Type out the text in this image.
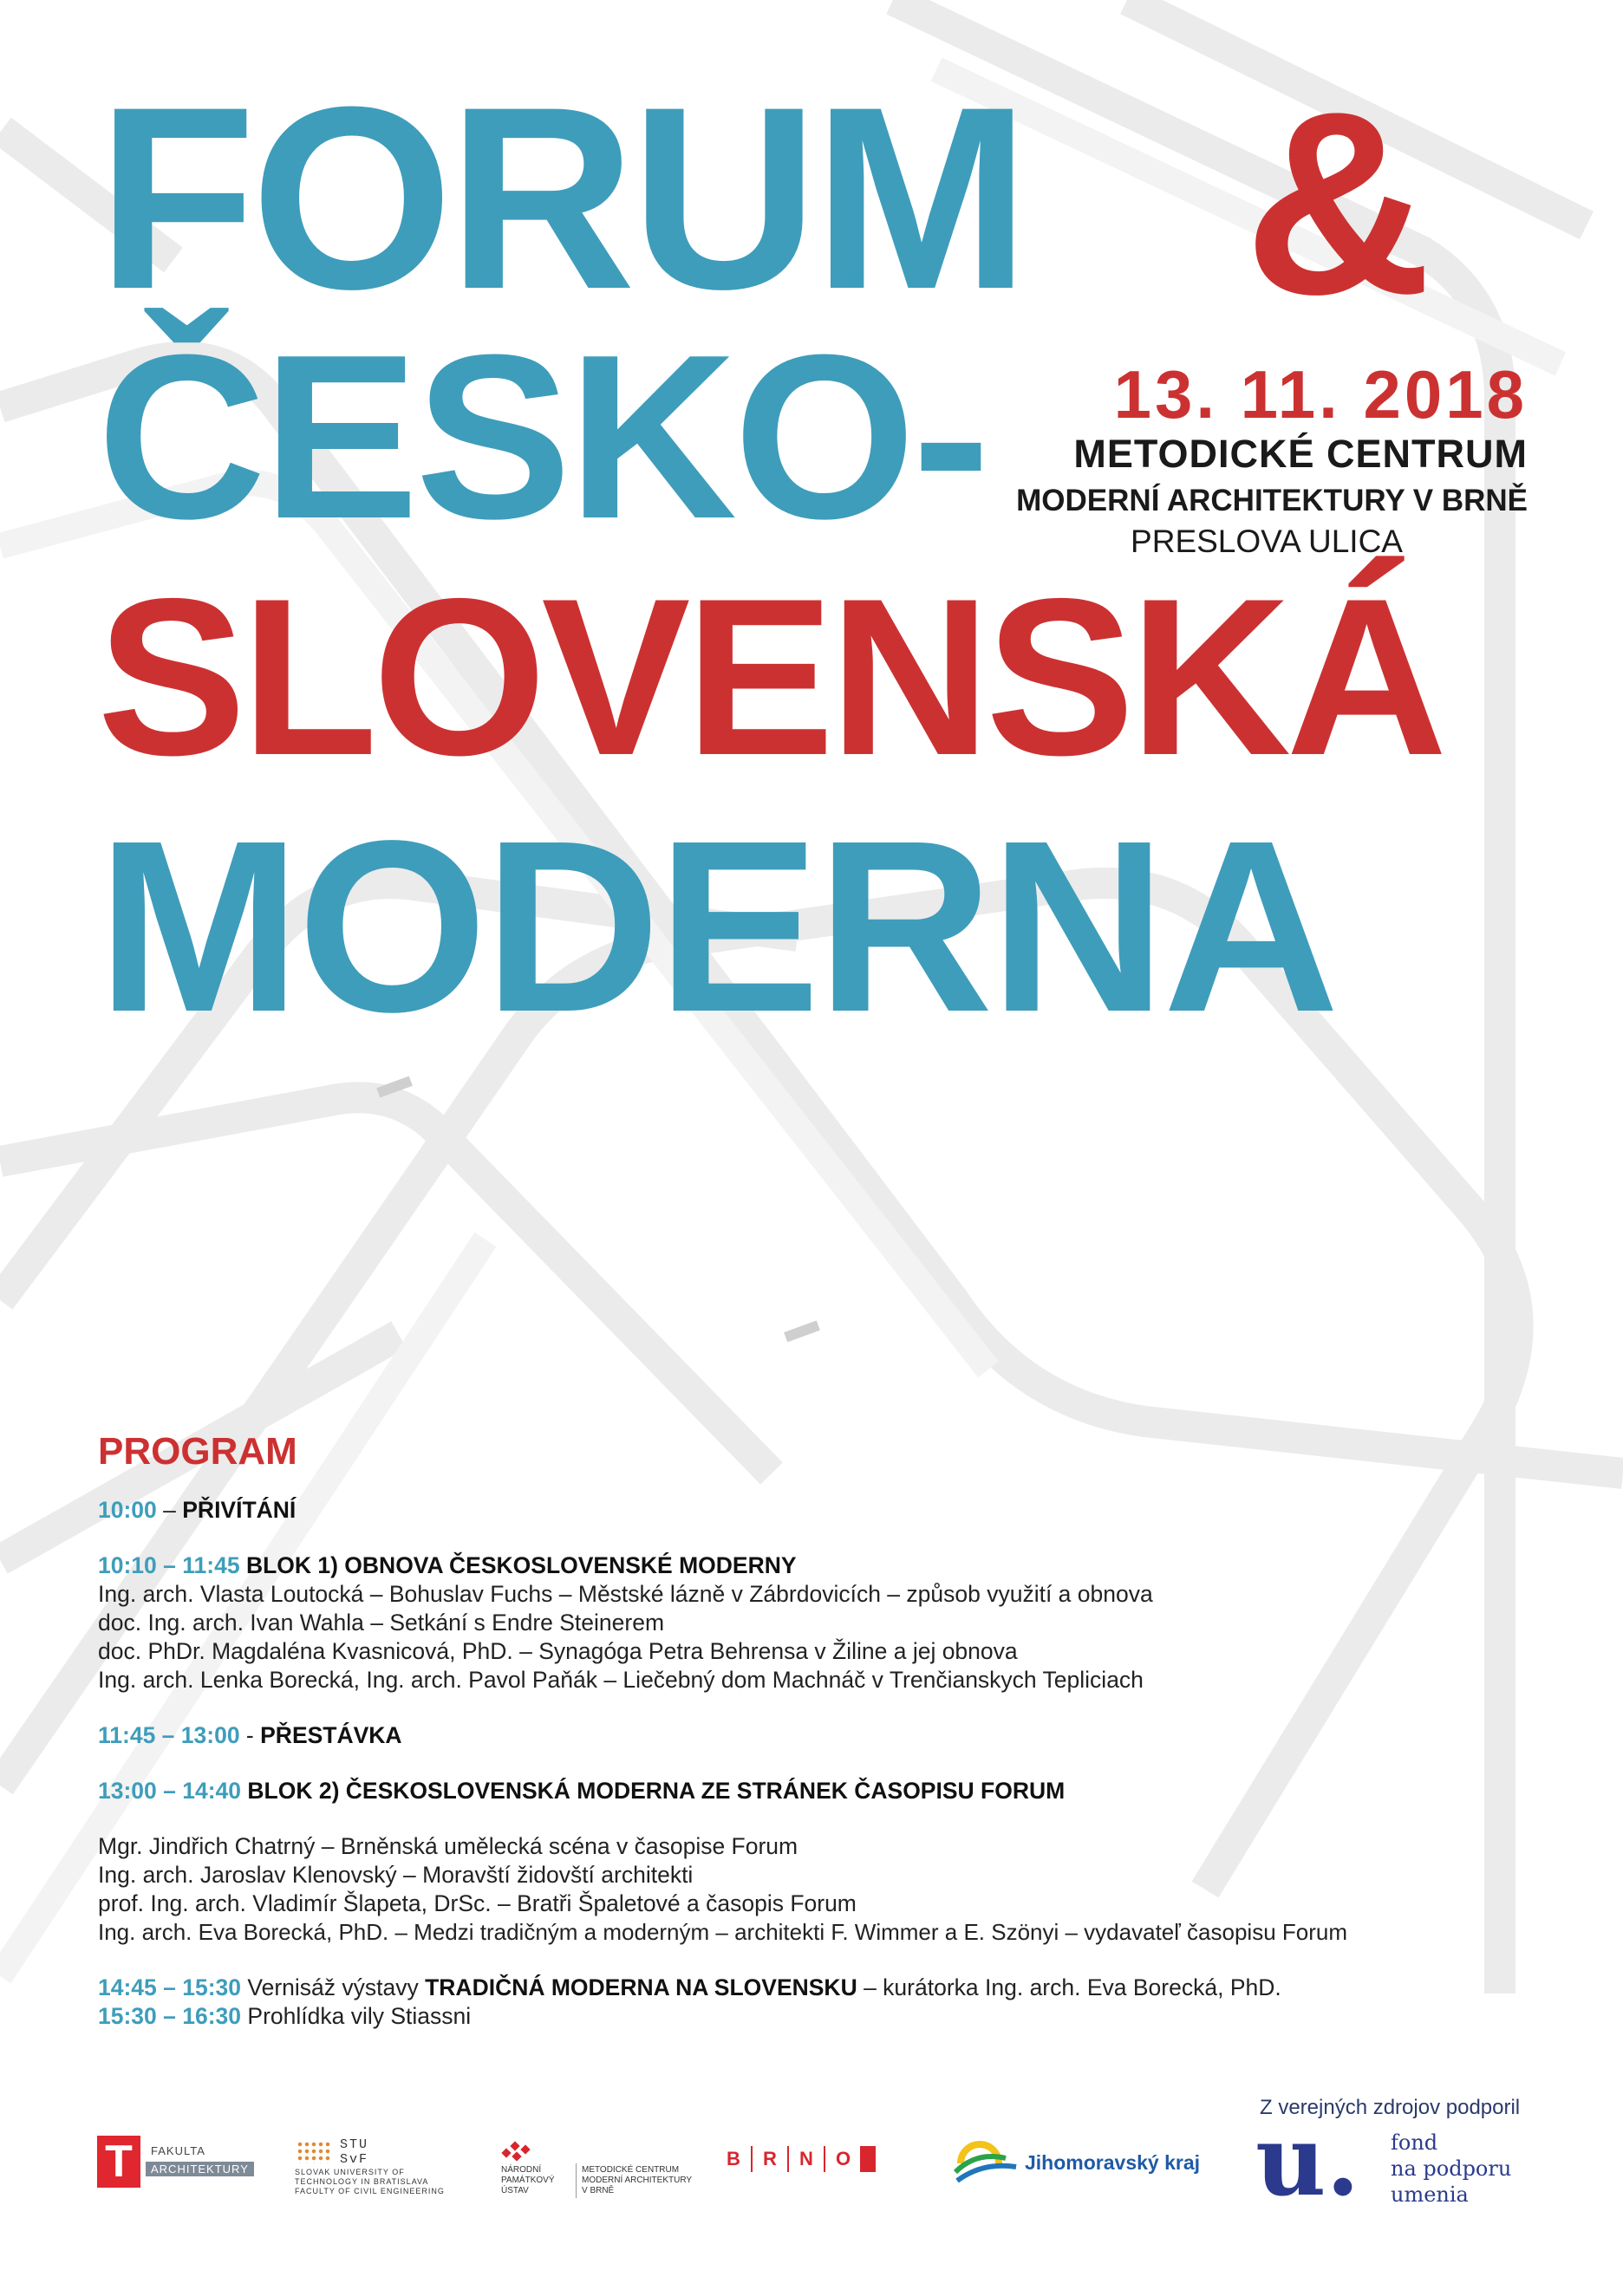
FORUM &
ČESKO-
SLOVENSKÁ
MODERNA
13. 11. 2018
METODICKÉ CENTRUM
MODERNÍ ARCHITEKTURY V BRNĚ
PRESLOVA ULICA
PROGRAM
10:00 – PŘIVÍTÁNÍ
10:10 – 11:45 BLOK 1) OBNOVA ČESKOSLOVENSKÉ MODERNY
Ing. arch. Vlasta Loutocká – Bohuslav Fuchs – Městské lázně v Zábrdovicích – způsob využití a obnova
doc. Ing. arch. Ivan Wahla – Setkání s Endre Steinerem
doc. PhDr. Magdaléna Kvasnicová, PhD. – Synagóga Petra Behrensa v Žiline a jej obnova
Ing. arch. Lenka Borecká, Ing. arch. Pavol Paňák – Liečebný dom Machnáč v Trenčianskych Tepliciach
11:45 – 13:00 - PŘESTÁVKA
13:00 – 14:40 BLOK 2) ČESKOSLOVENSKÁ MODERNA ZE STRÁNEK ČASOPISU FORUM
Mgr. Jindřich Chatrný – Brněnská umělecká scéna v časopise Forum
Ing. arch. Jaroslav Klenovský – Moravští židovští architekti
prof. Ing. arch. Vladimír Šlapeta, DrSc. – Bratři Špaletové a časopis Forum
Ing. arch. Eva Borecká, PhD. – Medzi tradičným a moderným – architekti F. Wimmer a E. Szönyi – vydavateľ časopisu Forum
14:45 – 15:30 Vernisáž výstavy TRADIČNÁ MODERNA NA SLOVENSKU – kurátorka Ing. arch. Eva Borecká, PhD.
15:30 – 16:30 Prohlídka vily Stiassni
Z verejných zdrojov podporil
T	FAKULTA
ARCHITEKTURY
STU
SvF
SLOVAK UNIVERSITY OF
TECHNOLOGY IN BRATISLAVA
FACULTY OF CIVIL ENGINEERING
NÁRODNÍ
PAMÁTKOVÝ
ÚSTAV
METODICKÉ CENTRUM
MODERNÍ ARCHITEKTURY
V BRNĚ
B R N O	Jihomoravský kraj u. fond
na podporu
umenia
